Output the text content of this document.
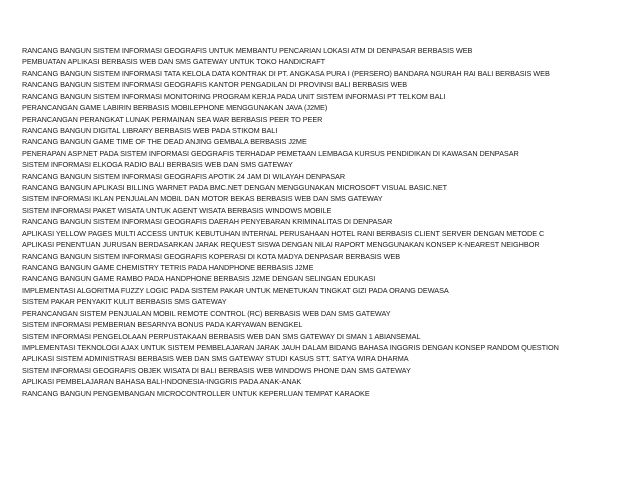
RANCANG BANGUN SISTEM INFORMASI GEOGRAFIS UNTUK MEMBANTU PENCARIAN LOKASI ATM DI DENPASAR BERBASIS WEB
PEMBUATAN APLIKASI BERBASIS WEB DAN SMS GATEWAY UNTUK TOKO HANDICRAFT
RANCANG BANGUN SISTEM INFORMASI TATA KELOLA DATA KONTRAK DI PT. ANGKASA PURA I (PERSERO) BANDARA NGURAH RAI BALI BERBASIS WEB
RANCANG BANGUN SISTEM INFORMASI GEOGRAFIS KANTOR PENGADILAN DI PROVINSI BALI BERBASIS WEB
RANCANG BANGUN SISTEM INFORMASI MONITORING PROGRAM KERJA PADA UNIT SISTEM INFORMASI PT TELKOM BALI
PERANCANGAN GAME LABIRIN BERBASIS MOBILEPHONE MENGGUNAKAN JAVA (J2ME)
PERANCANGAN PERANGKAT LUNAK PERMAINAN SEA WAR BERBASIS PEER TO PEER
RANCANG BANGUN DIGITAL LIBRARY BERBASIS WEB PADA STIKOM BALI
RANCANG BANGUN GAME TIME OF THE DEAD ANJING GEMBALA BERBASIS J2ME
PENERAPAN ASP.NET PADA SISTEM INFORMASI GEOGRAFIS TERHADAP PEMETAAN LEMBAGA KURSUS PENDIDIKAN DI KAWASAN DENPASAR
SISTEM INFORMASI ELKOGA RADIO BALI BERBASIS WEB DAN SMS GATEWAY
RANCANG BANGUN SISTEM INFORMASI GEOGRAFIS APOTIK 24 JAM DI WILAYAH DENPASAR
RANCANG BANGUN APLIKASI BILLING WARNET PADA BMC.NET DENGAN MENGGUNAKAN MICROSOFT VISUAL BASIC.NET
SISTEM INFORMASI IKLAN PENJUALAN MOBIL DAN MOTOR BEKAS BERBASIS WEB DAN SMS GATEWAY
SISTEM INFORMASI PAKET WISATA UNTUK AGENT WISATA BERBASIS WINDOWS MOBILE
RANCANG BANGUN SISTEM INFORMASI GEOGRAFIS DAERAH PENYEBARAN KRIMINALITAS DI DENPASAR
APLIKASI YELLOW PAGES MULTI ACCESS UNTUK KEBUTUHAN INTERNAL PERUSAHAAN HOTEL RANI BERBASIS CLIENT SERVER DENGAN METODE C
APLIKASI PENENTUAN JURUSAN BERDASARKAN JARAK REQUEST SISWA DENGAN NILAI RAPORT MENGGUNAKAN KONSEP K-NEAREST NEIGHBOR
RANCANG BANGUN SISTEM INFORMASI GEOGRAFIS KOPERASI DI KOTA MADYA DENPASAR BERBASIS WEB
RANCANG BANGUN GAME CHEMISTRY TETRIS PADA HANDPHONE BERBASIS J2ME
RANCANG BANGUN GAME RAMBO PADA HANDPHONE BERBASIS J2ME DENGAN SELINGAN EDUKASI
IMPLEMENTASI ALGORITMA FUZZY LOGIC PADA SISTEM PAKAR UNTUK MENETUKAN TINGKAT GIZI PADA ORANG DEWASA
SISTEM PAKAR PENYAKIT KULIT BERBASIS SMS GATEWAY
PERANCANGAN SISTEM PENJUALAN MOBIL REMOTE CONTROL (RC) BERBASIS WEB DAN SMS GATEWAY
SISTEM INFORMASI PEMBERIAN BESARNYA BONUS PADA KARYAWAN BENGKEL
SISTEM INFORMASI PENGELOLAAN PERPUSTAKAAN BERBASIS WEB DAN SMS GATEWAY DI SMAN 1 ABIANSEMAL
IMPLEMENTASI TEKNOLOGI AJAX UNTUK SISTEM PEMBELAJARAN JARAK JAUH DALAM BIDANG BAHASA INGGRIS DENGAN KONSEP RANDOM QUESTION
APLIKASI SISTEM ADMINISTRASI BERBASIS WEB DAN SMS GATEWAY STUDI KASUS STT. SATYA WIRA DHARMA
SISTEM INFORMASI GEOGRAFIS OBJEK WISATA DI BALI BERBASIS WEB WINDOWS PHONE DAN SMS GATEWAY
APLIKASI PEMBELAJARAN BAHASA BALI-INDONESIA-INGGRIS PADA ANAK-ANAK
RANCANG BANGUN PENGEMBANGAN MICROCONTROLLER UNTUK KEPERLUAN TEMPAT KARAOKE
